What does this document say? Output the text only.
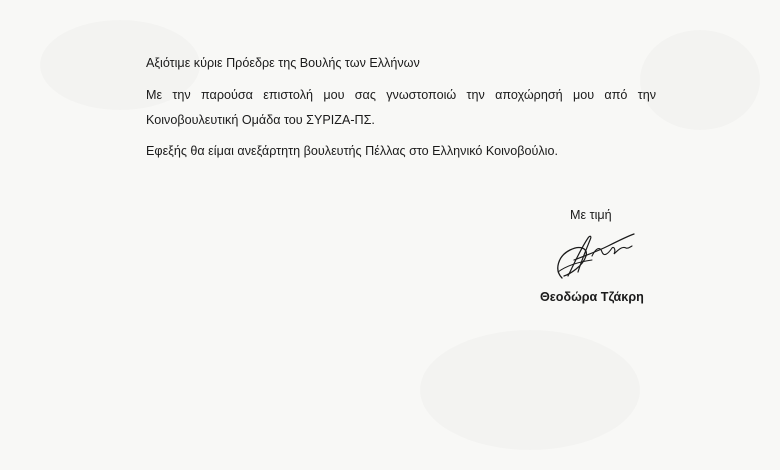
Αξιότιμε κύριε Πρόεδρε της Βουλής των Ελλήνων
Με την παρούσα επιστολή μου σας γνωστοποιώ την αποχώρησή μου από την
Κοινοβουλευτική Ομάδα του ΣΥΡΙΖΑ-ΠΣ.
Εφεξής θα είμαι ανεξάρτητη βουλευτής Πέλλας στο Ελληνικό Κοινοβούλιο.
Με τιμή
Θεοδώρα Τζάκρη
